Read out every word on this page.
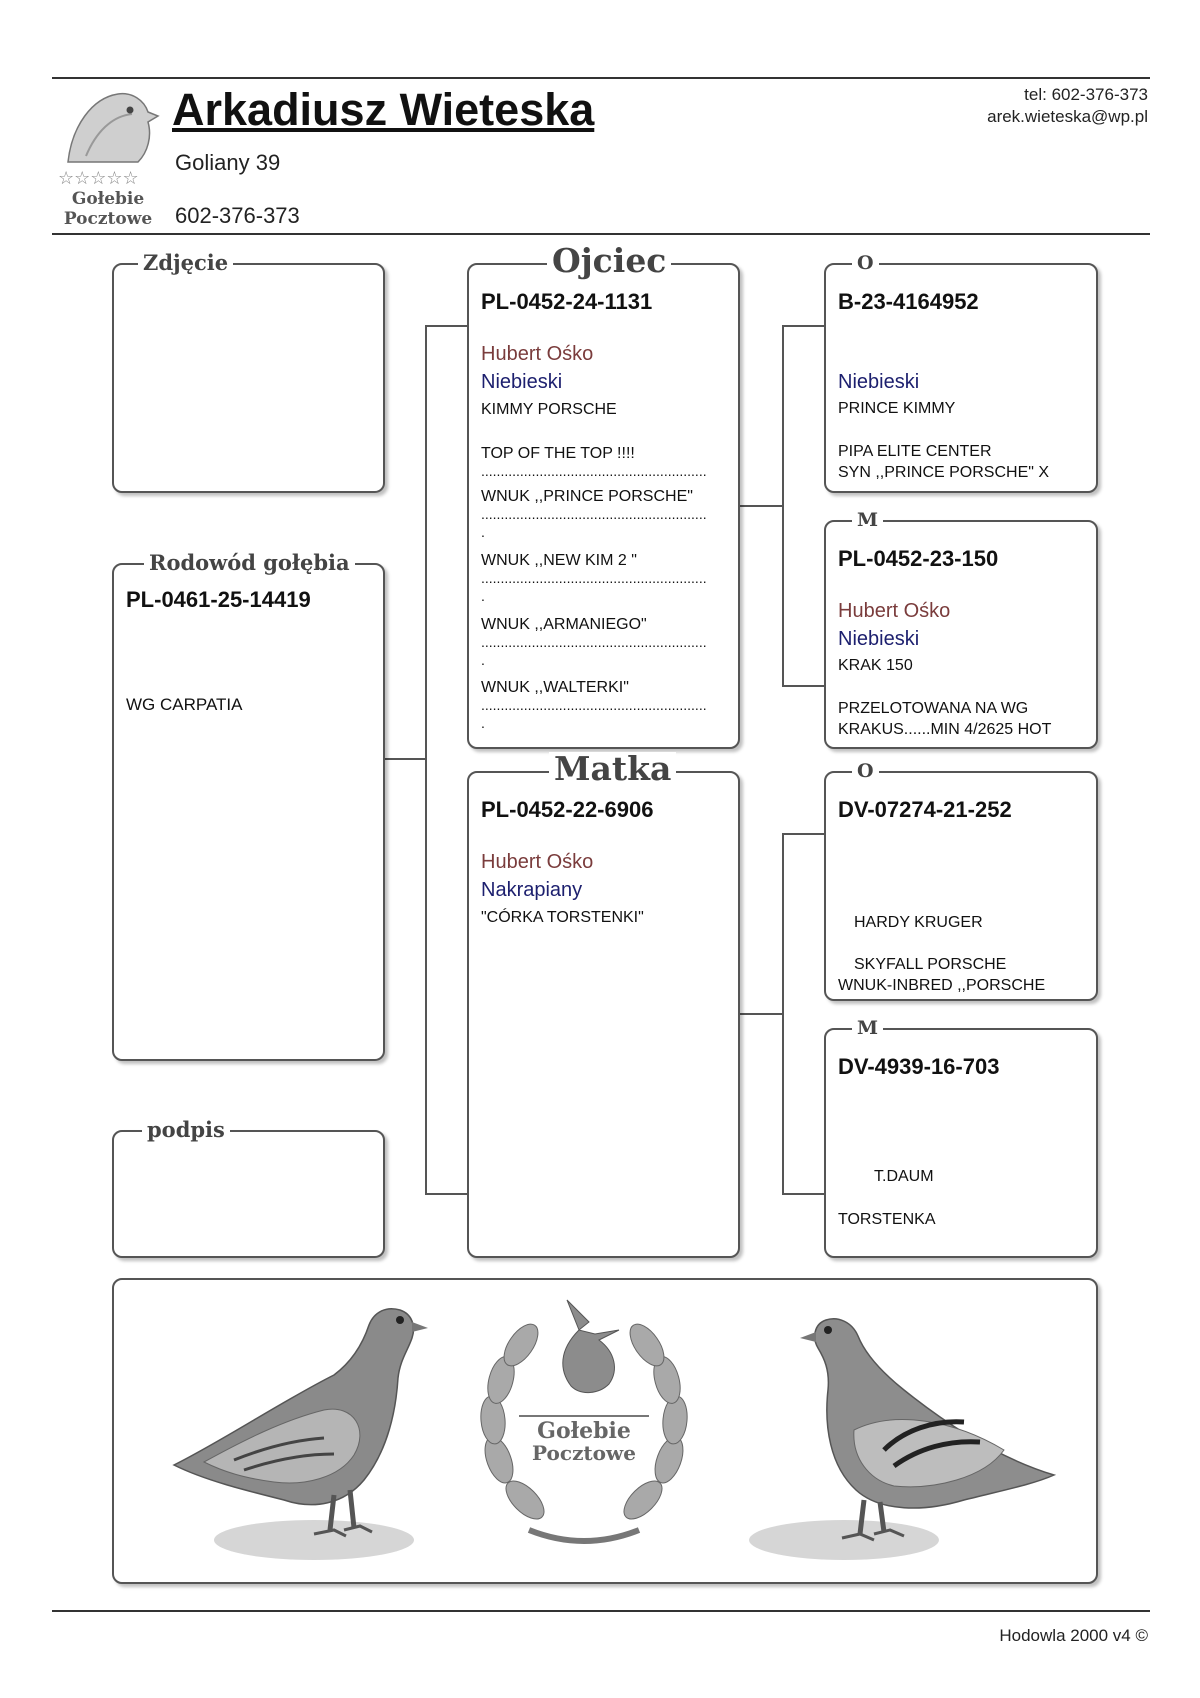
☆☆☆☆☆
Gołebie
Pocztowe
Arkadiusz Wieteska
Goliany 39
602-376-373
tel: 602-376-373
arek.wieteska@wp.pl
Zdjęcie
Rodowód gołębia
PL-0461-25-14419
WG CARPATIA
podpis
Ojciec
PL-0452-24-1131
Hubert Ośko
Niebieski
KIMMY PORSCHE
TOP OF THE TOP !!!!
..........................................................
WNUK ,,PRINCE PORSCHE"
..........................................................
.
WNUK ,,NEW KIM 2 "
..........................................................
.
WNUK ,,ARMANIEGO"
..........................................................
.
WNUK ,,WALTERKI"
..........................................................
.
Matka
PL-0452-22-6906
Hubert Ośko
Nakrapiany
"CÓRKA TORSTENKI"
O
B-23-4164952
Niebieski
PRINCE KIMMY
PIPA ELITE CENTER
SYN ,,PRINCE PORSCHE" X
M
PL-0452-23-150
Hubert Ośko
Niebieski
KRAK 150
PRZELOTOWANA NA WG
KRAKUS......MIN 4/2625 HOT
O
DV-07274-21-252
HARDY KRUGER
SKYFALL PORSCHE
WNUK-INBRED ,,PORSCHE
M
DV-4939-16-703
T.DAUM
TORSTENKA
Gołebie
Pocztowe
Hodowla 2000 v4 ©
